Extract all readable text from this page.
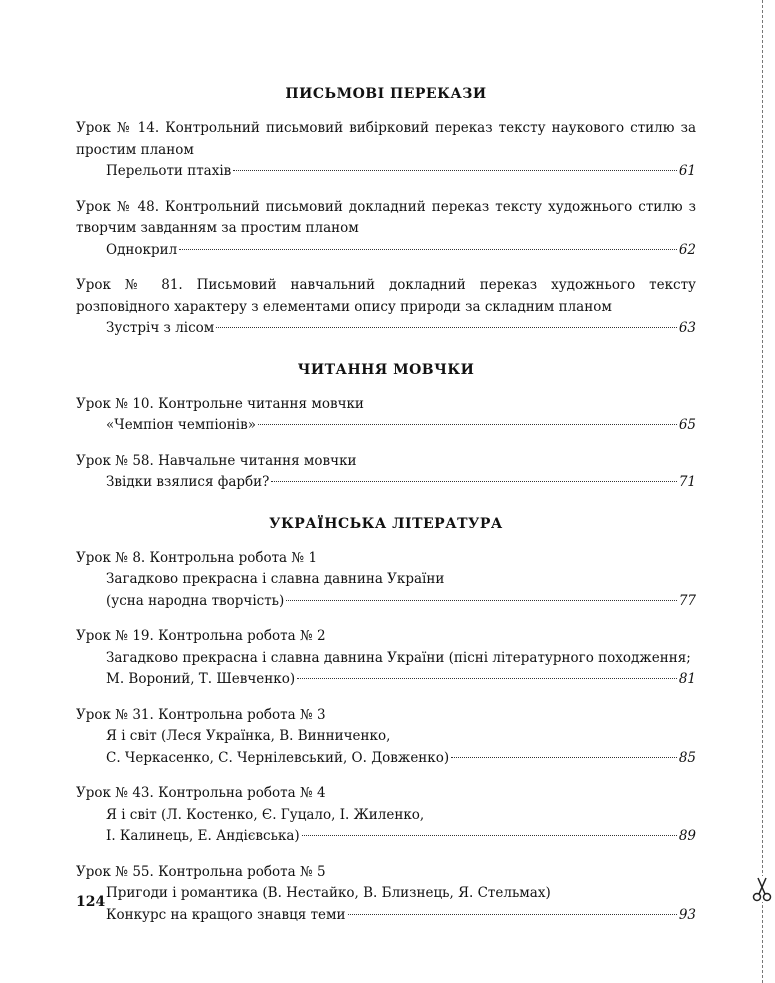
ПИСЬМОВІ ПЕРЕКАЗИ
Урок № 14. Контрольний письмовий вибірковий переказ тексту наукового стилю за простим планом
Перельоти птахів	61
Урок № 48. Контрольний письмовий докладний переказ тексту художнього стилю з творчим завданням за простим планом
Однокрил	62
Урок № 81. Письмовий навчальний докладний переказ художнього тексту розповідного характеру з елементами опису природи за складним планом
Зустріч з лісом	63
ЧИТАННЯ МОВЧКИ
Урок № 10. Контрольне читання мовчки
«Чемпіон чемпіонів»	65
Урок № 58. Навчальне читання мовчки
Звідки взялися фарби?	71
УКРАЇНСЬКА ЛІТЕРАТУРА
Урок № 8. Контрольна робота № 1
Загадково прекрасна і славна давнина України
(усна народна творчість)	77
Урок № 19. Контрольна робота № 2
Загадково прекрасна і славна давнина України (пісні літературного походження;
М. Вороний, Т. Шевченко)	81
Урок № 31. Контрольна робота № 3
Я і світ (Леся Українка, В. Винниченко,
С. Черкасенко, С. Чернілевський, О. Довженко)	85
Урок № 43. Контрольна робота № 4
Я і світ (Л. Костенко, Є. Гуцало, І. Жиленко,
І. Калинець, Е. Андієвська)	89
Урок № 55. Контрольна робота № 5
Пригоди і романтика (В. Нестайко, В. Близнець, Я. Стельмах)
Конкурс на кращого знавця теми	93
124
